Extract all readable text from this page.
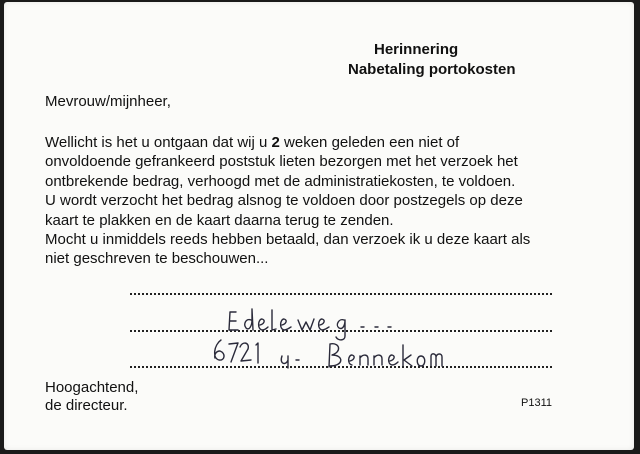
Herinnering
Nabetaling portokosten
Mevrouw/mijnheer,
Wellicht is het u ontgaan dat wij u 2 weken geleden een niet of
onvoldoende gefrankeerd poststuk lieten bezorgen met het verzoek het
ontbrekende bedrag, verhoogd met de administratiekosten, te voldoen.
U wordt verzocht het bedrag alsnog te voldoen door postzegels op deze
kaart te plakken en de kaart daarna terug te zenden.
Mocht u inmiddels reeds hebben betaald, dan verzoek ik u deze kaart als
niet geschreven te beschouwen...
Hoogachtend,
de directeur.	P1311
